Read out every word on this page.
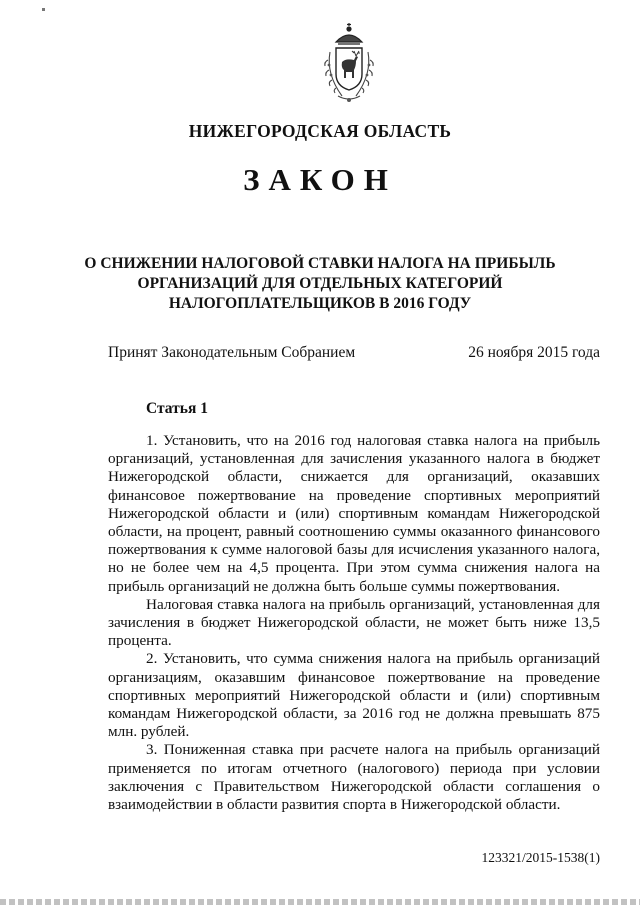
НИЖЕГОРОДСКАЯ ОБЛАСТЬ
ЗАКОН
О СНИЖЕНИИ НАЛОГОВОЙ СТАВКИ НАЛОГА НА ПРИБЫЛЬ
ОРГАНИЗАЦИЙ ДЛЯ ОТДЕЛЬНЫХ КАТЕГОРИЙ
НАЛОГОПЛАТЕЛЬЩИКОВ В 2016 ГОДУ
Принят Законодательным Собранием	26 ноября 2015 года
Статья 1

1. Установить, что на 2016 год налоговая ставка налога на прибыль организаций, установленная для зачисления указанного налога в бюджет Нижегородской области, снижается для организаций, оказавших финансовое пожертвование на проведение спортивных мероприятий Нижегородской области и (или) спортивным командам Нижегородской области, на процент, равный соотношению суммы оказанного финансового пожертвования к сумме налоговой базы для исчисления указанного налога, но не более чем на 4,5 процента. При этом сумма снижения налога на прибыль организаций не должна быть больше суммы пожертвования.

Налоговая ставка налога на прибыль организаций, установленная для зачисления в бюджет Нижегородской области, не может быть ниже 13,5 процента.

2. Установить, что сумма снижения налога на прибыль организаций организациям, оказавшим финансовое пожертвование на проведение спортивных мероприятий Нижегородской области и (или) спортивным командам Нижегородской области, за 2016 год не должна превышать 875 млн. рублей.

3. Пониженная ставка при расчете налога на прибыль организаций применяется по итогам отчетного (налогового) периода при условии заключения с Правительством Нижегородской области соглашения о взаимодействии в области развития спорта в Нижегородской области.

123321/2015-1538(1)
